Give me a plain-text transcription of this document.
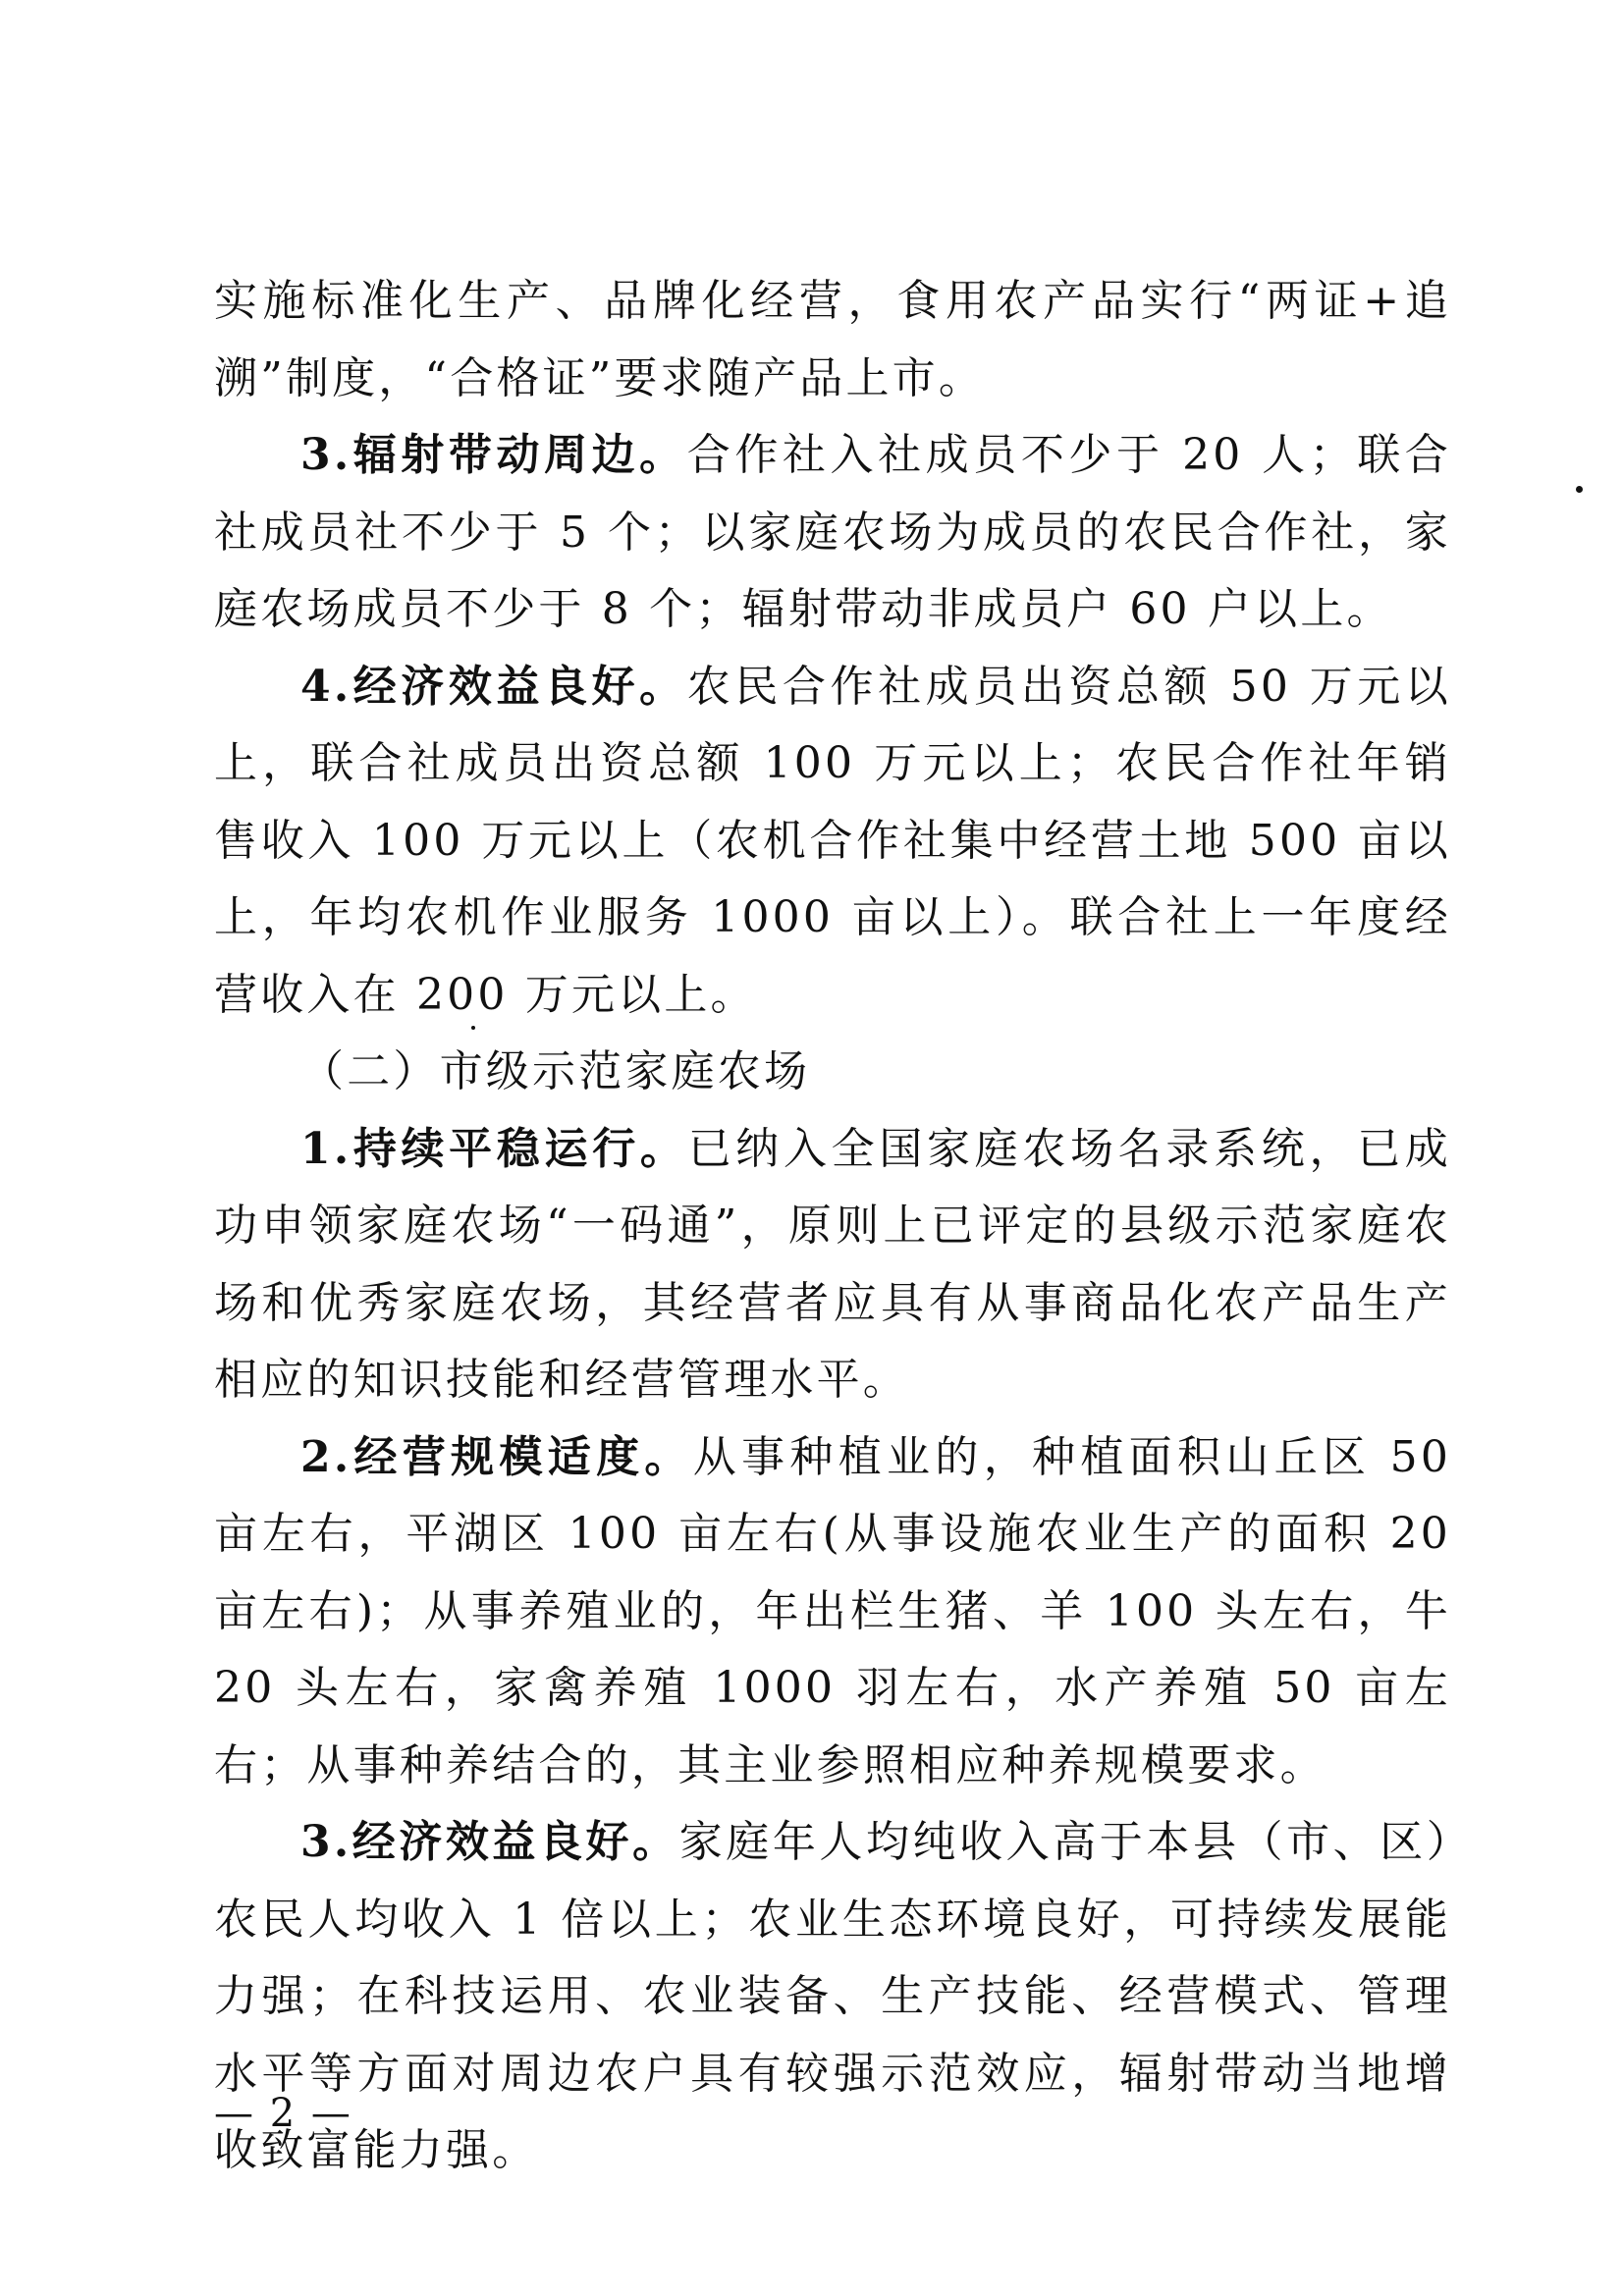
实施标准化生产、品牌化经营，食用农产品实行“两证+追溯”制度，“合格证”要求随产品上市。

3.辐射带动周边。合作社入社成员不少于 20 人；联合社成员社不少于 5 个；以家庭农场为成员的农民合作社，家庭农场成员不少于 8 个；辐射带动非成员户 60 户以上。

4.经济效益良好。农民合作社成员出资总额 50 万元以上，联合社成员出资总额 100 万元以上；农民合作社年销售收入 100 万元以上（农机合作社集中经营土地 500 亩以上，年均农机作业服务 1000 亩以上）。联合社上一年度经营收入在 200 万元以上。

（二）市级示范家庭农场

1.持续平稳运行。已纳入全国家庭农场名录系统，已成功申领家庭农场“一码通”，原则上已评定的县级示范家庭农场和优秀家庭农场，其经营者应具有从事商品化农产品生产相应的知识技能和经营管理水平。

2.经营规模适度。从事种植业的，种植面积山丘区 50 亩左右，平湖区 100 亩左右(从事设施农业生产的面积 20 亩左右)；从事养殖业的，年出栏生猪、羊 100 头左右，牛 20 头左右，家禽养殖 1000 羽左右，水产养殖 50 亩左右；从事种养结合的，其主业参照相应种养规模要求。

3.经济效益良好。家庭年人均纯收入高于本县（市、区）农民人均收入 1 倍以上；农业生态环境良好，可持续发展能力强；在科技运用、农业装备、生产技能、经营模式、管理水平等方面对周边农户具有较强示范效应，辐射带动当地增收致富能力强。

— 2 —
